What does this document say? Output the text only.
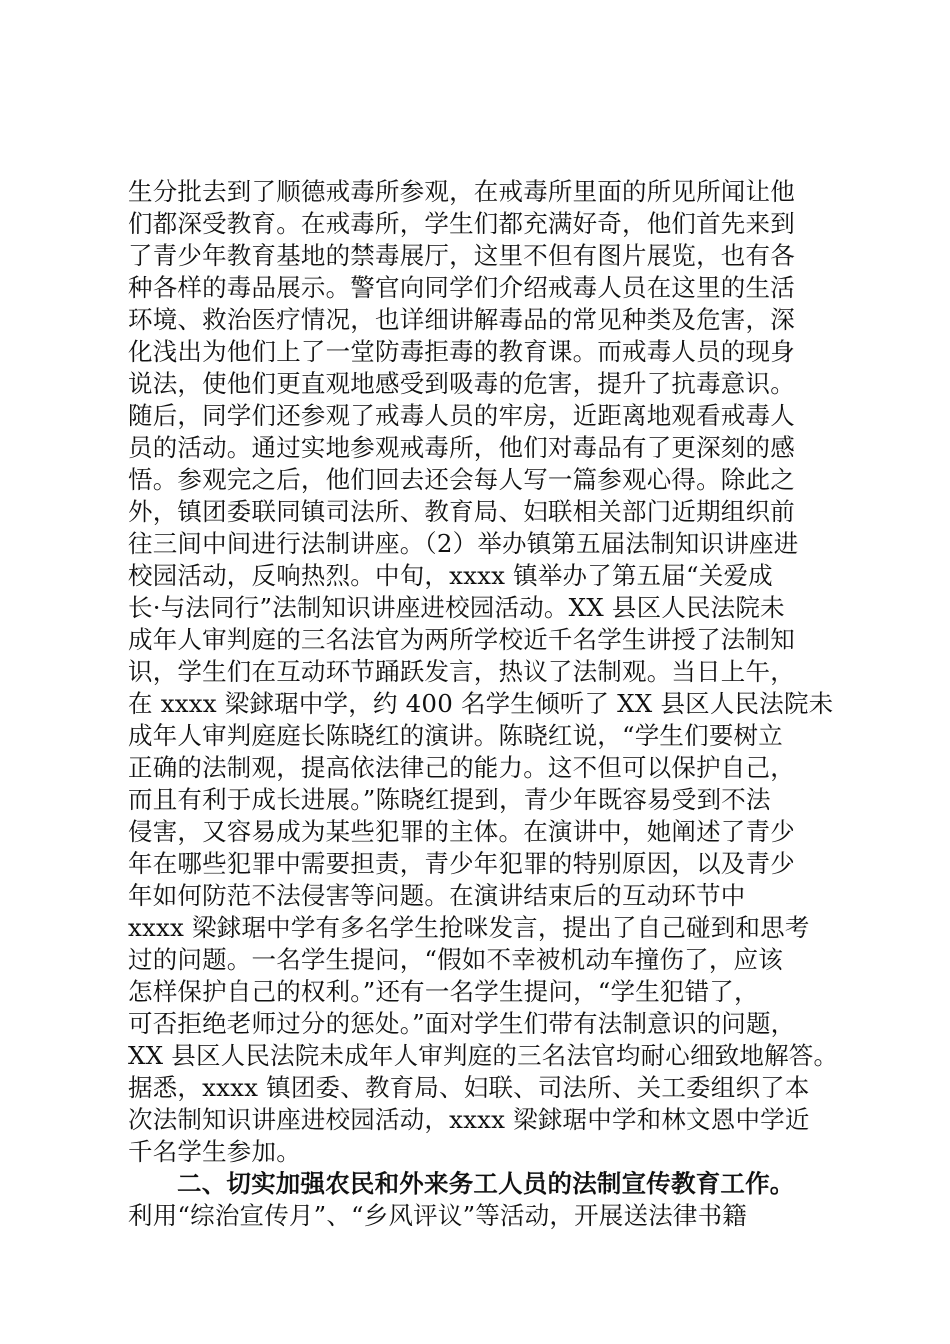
生分批去到了顺德戒毒所参观，在戒毒所里面的所见所闻让他
们都深受教育。在戒毒所，学生们都充满好奇，他们首先来到
了青少年教育基地的禁毒展厅，这里不但有图片展览，也有各
种各样的毒品展示。警官向同学们介绍戒毒人员在这里的生活
环境、救治医疗情况，也详细讲解毒品的常见种类及危害，深
化浅出为他们上了一堂防毒拒毒的教育课。而戒毒人员的现身
说法，使他们更直观地感受到吸毒的危害，提升了抗毒意识。
随后，同学们还参观了戒毒人员的牢房，近距离地观看戒毒人
员的活动。通过实地参观戒毒所，他们对毒品有了更深刻的感
悟。参观完之后，他们回去还会每人写一篇参观心得。除此之
外，镇团委联同镇司法所、教育局、妇联相关部门近期组织前
往三间中间进行法制讲座。（2）举办镇第五届法制知识讲座进
校园活动，反响热烈。中旬，xxxx 镇举办了第五届“关爱成
长·与法同行”法制知识讲座进校园活动。XX 县区人民法院未
成年人审判庭的三名法官为两所学校近千名学生讲授了法制知
识，学生们在互动环节踊跃发言，热议了法制观。当日上午，
在 xxxx 梁銶琚中学，约 400 名学生倾听了 XX 县区人民法院未
成年人审判庭庭长陈晓红的演讲。陈晓红说，“学生们要树立
正确的法制观，提高依法律己的能力。这不但可以保护自己，
而且有利于成长进展。”陈晓红提到，青少年既容易受到不法
侵害，又容易成为某些犯罪的主体。在演讲中，她阐述了青少
年在哪些犯罪中需要担责，青少年犯罪的特别原因，以及青少
年如何防范不法侵害等问题。在演讲结束后的互动环节中
xxxx 梁銶琚中学有多名学生抢咪发言，提出了自己碰到和思考
过的问题。一名学生提问，“假如不幸被机动车撞伤了，应该
怎样保护自己的权利。”还有一名学生提问，“学生犯错了，
可否拒绝老师过分的惩处。”面对学生们带有法制意识的问题，
XX 县区人民法院未成年人审判庭的三名法官均耐心细致地解答。
据悉，xxxx 镇团委、教育局、妇联、司法所、关工委组织了本
次法制知识讲座进校园活动，xxxx 梁銶琚中学和林文恩中学近
千名学生参加。
二、切实加强农民和外来务工人员的法制宣传教育工作。
利用“综治宣传月”、“乡风评议”等活动，开展送法律书籍
